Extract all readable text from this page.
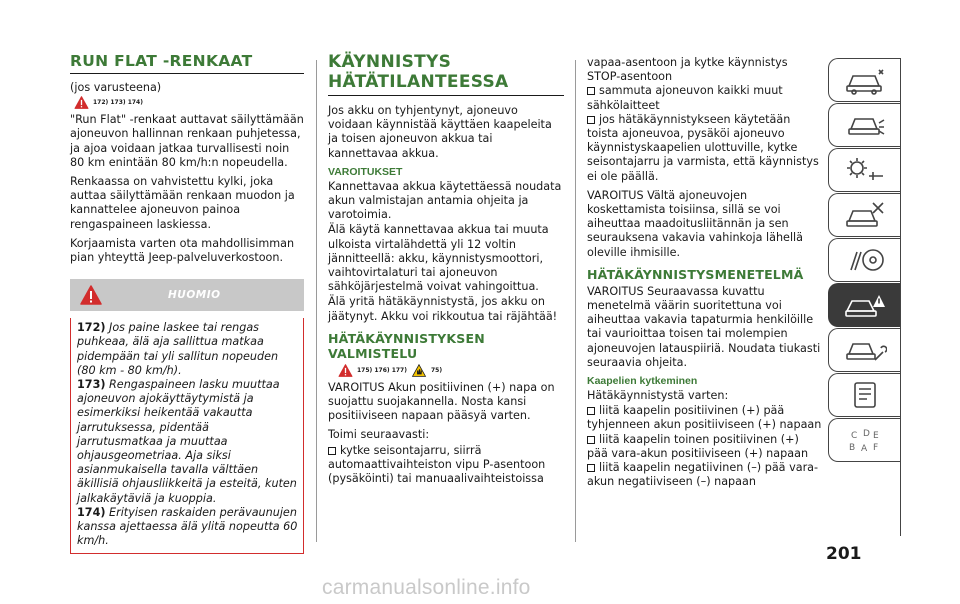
RUN FLAT -RENKAAT

(jos varusteena)

172) 173) 174)

"Run Flat" -renkaat auttavat säilyttämään ajoneuvon hallinnan renkaan puhjetessa, ja ajoa voidaan jatkaa turvallisesti noin 80 km enintään 80 km/h:n nopeudella.

Renkaassa on vahvistettu kylki, joka auttaa säilyttämään renkaan muodon ja kannattelee ajoneuvon painoa rengaspaineen laskiessa.

Korjaamista varten ota mahdollisimman pian yhteyttä Jeep-palveluverkostoon.

HUOMIO

172) Jos paine laskee tai rengas puhkeaa, älä aja sallittua matkaa pidempään tai yli sallitun nopeuden (80 km - 80 km/h).

173) Rengaspaineen lasku muuttaa ajoneuvon ajokäyttäytymistä ja esimerkiksi heikentää vakautta jarrutuksessa, pidentää jarrutusmatkaa ja muuttaa ohjausgeometriaa. Aja siksi asianmukaisella tavalla välttäen äkillisiä ohjausliikkeitä ja esteitä, kuten jalkakäytäviä ja kuoppia.

174) Erityisen raskaiden perävaunujen kanssa ajettaessa älä ylitä nopeutta 60 km/h.

KÄYNNISTYS HÄTÄTILANTEESSA

Jos akku on tyhjentynyt, ajoneuvo voidaan käynnistää käyttäen kaapeleita ja toisen ajoneuvon akkua tai kannettavaa akkua.

VAROITUKSET

Kannettavaa akkua käytettäessä noudata akun valmistajan antamia ohjeita ja varotoimia.

Älä käytä kannettavaa akkua tai muuta ulkoista virtalähdettä yli 12 voltin jännitteellä: akku, käynnistysmoottori, vaihtovirtalaturi tai ajoneuvon sähköjärjestelmä voivat vahingoittua.

Älä yritä hätäkäynnistystä, jos akku on jäätynyt. Akku voi rikkoutua tai räjähtää!

HÄTÄKÄYNNISTYKSEN VALMISTELU
175) 176) 177)	75)

VAROITUS Akun positiivinen (+) napa on suojattu suojakannella. Nosta kansi positiiviseen napaan pääsyä varten.

Toimi seuraavasti:

kytke seisontajarru, siirrä automaattivaihteiston vipu P-asentoon (pysäköinti) tai manuaalivaihteistoissa

vapaa-asentoon ja kytke käynnistys STOP-asentoon

sammuta ajoneuvon kaikki muut sähkölaitteet

jos hätäkäynnistykseen käytetään toista ajoneuvoa, pysäköi ajoneuvo käynnistyskaapelien ulottuville, kytke seisontajarru ja varmista, että käynnistys ei ole päällä.

VAROITUS Vältä ajoneuvojen koskettamista toisiinsa, sillä se voi aiheuttaa maadoitusliitännän ja sen seurauksena vakavia vahinkoja lähellä oleville ihmisille.

HÄTÄKÄYNNISTYSMENETELMÄ

VAROITUS Seuraavassa kuvattu menetelmä väärin suoritettuna voi aiheuttaa vakavia tapaturmia henkilöille tai vaurioittaa toisen tai molempien ajoneuvojen latauspiiriä. Noudata tiukasti seuraavia ohjeita.

Kaapelien kytkeminen

Hätäkäynnistystä varten:

liitä kaapelin positiivinen (+) pää tyhjenneen akun positiiviseen (+) napaan

liitä kaapelin toinen positiivinen (+) pää vara-akun positiiviseen (+) napaan

liitä kaapelin negatiivinen (–) pää vara-akun negatiiviseen (–) napaan

C D E
B A F
201
carmanualsonline.info
